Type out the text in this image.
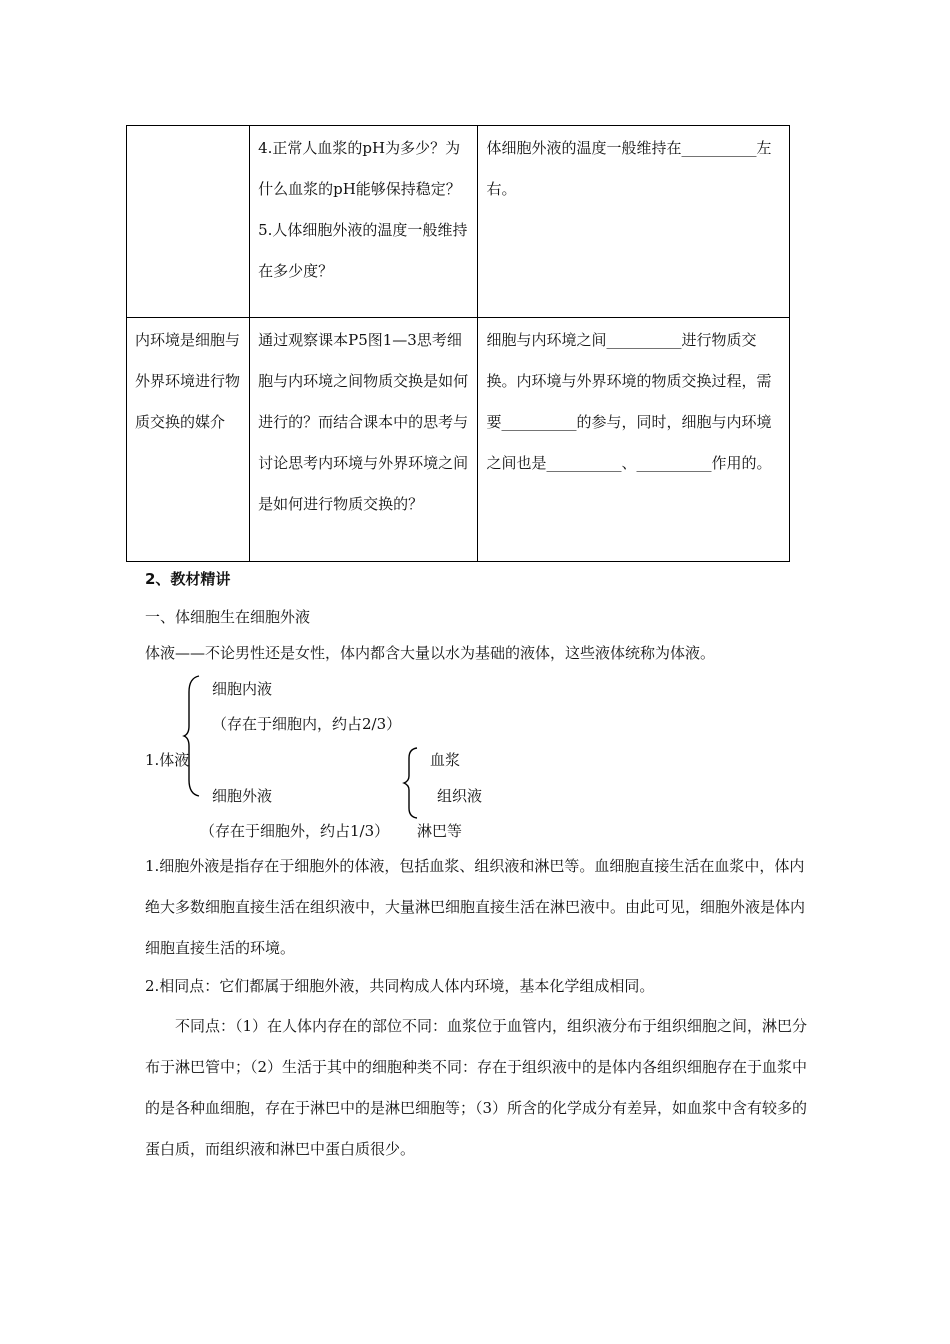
	4.正常人血浆的pH为多少？为什么血浆的pH能够保持稳定？
5.人体细胞外液的温度一般维持在多少度？	体细胞外液的温度一般维持在__________左右。

内环境是细胞与外界环境进行物质交换的媒介	通过观察课本P5图1—3思考细胞与内环境之间物质交换是如何进行的？而结合课本中的思考与讨论思考内环境与外界环境之间是如何进行物质交换的？	细胞与内环境之间__________进行物质交换。内环境与外界环境的物质交换过程，需要__________的参与，同时，细胞与内环境之间也是__________、__________作用的。
2、教材精讲
一、体细胞生在细胞外液
体液——不论男性还是女性，体内都含大量以水为基础的液体，这些液体统称为体液。
1.体液
细胞内液
（存在于细胞内，约占2/3）
细胞外液
（存在于细胞外，约占1/3）
血浆
组织液
淋巴等
1.细胞外液是指存在于细胞外的体液，包括血浆、组织液和淋巴等。血细胞直接生活在血浆中，体内绝大多数细胞直接生活在组织液中，大量淋巴细胞直接生活在淋巴液中。由此可见，细胞外液是体内细胞直接生活的环境。
2.相同点：它们都属于细胞外液，共同构成人体内环境，基本化学组成相同。
　　不同点：（1）在人体内存在的部位不同：血浆位于血管内，组织液分布于组织细胞之间，淋巴分布于淋巴管中；（2）生活于其中的细胞种类不同：存在于组织液中的是体内各组织细胞存在于血浆中的是各种血细胞，存在于淋巴中的是淋巴细胞等；（3）所含的化学成分有差异，如血浆中含有较多的蛋白质，而组织液和淋巴中蛋白质很少。
